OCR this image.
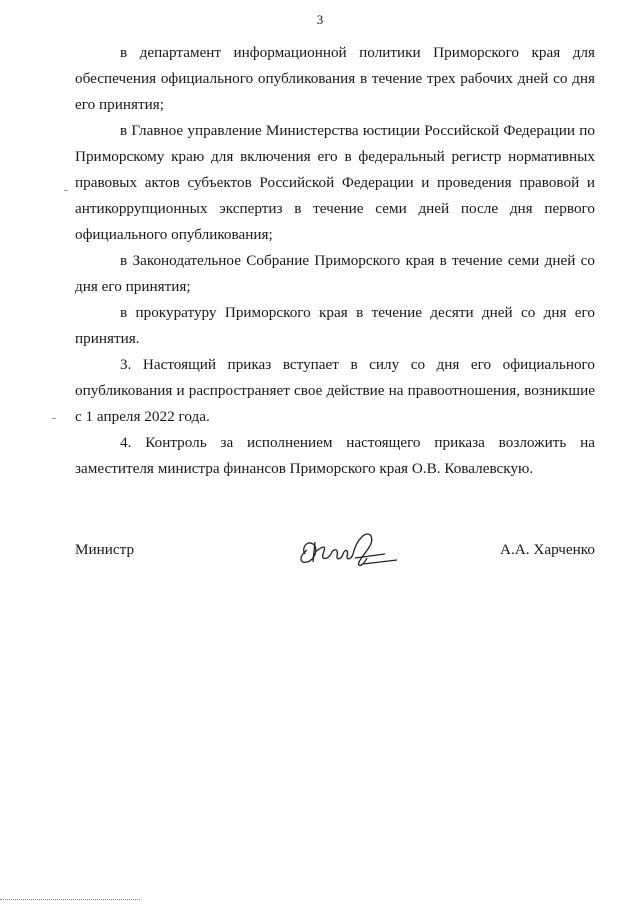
3

в департамент информационной политики Приморского края для обеспечения официального опубликования в течение трех рабочих дней со дня его принятия;

в Главное управление Министерства юстиции Российской Федерации по Приморскому краю для включения его в федеральный регистр нормативных правовых актов субъектов Российской Федерации и проведения правовой и антикоррупционных экспертиз в течение семи дней после дня первого официального опубликования;

в Законодательное Собрание Приморского края в течение семи дней со дня его принятия;

в прокуратуру Приморского края в течение десяти дней со дня его принятия.

3. Настоящий приказ вступает в силу со дня его официального опубликования и распространяет свое действие на правоотношения, возникшие с 1 апреля 2022 года.

4. Контроль за исполнением настоящего приказа возложить на заместителя министра финансов Приморского края О.В. Ковалевскую.

Министр	А.А. Харченко
